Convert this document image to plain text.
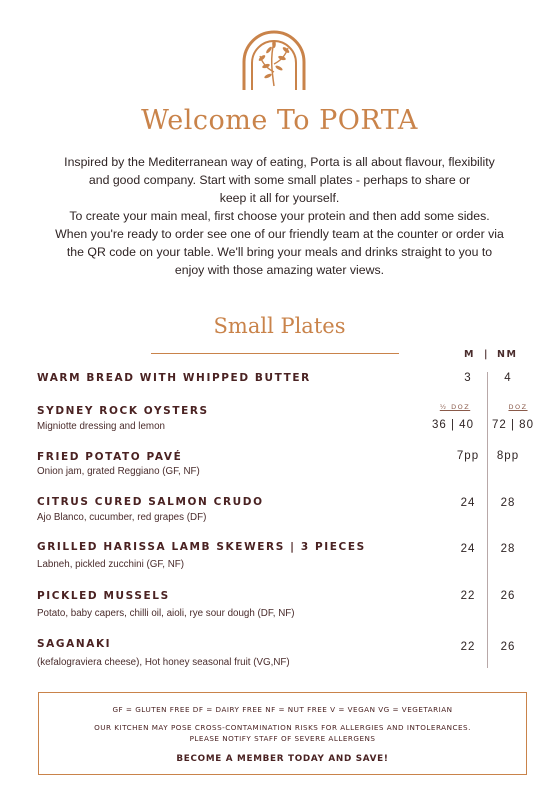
Welcome To PORTA
Inspired by the Mediterranean way of eating, Porta is all about flavour, flexibility
and good company. Start with some small plates - perhaps to share or
keep it all for yourself.
To create your main meal, first choose your protein and then add some sides.
When you're ready to order see one of our friendly team at the counter or order via
the QR code on your table. We'll bring your meals and drinks straight to you to
enjoy with those amazing water views.
Small Plates
M | NM
WARM BREAD WITH WHIPPED BUTTER	3	4
SYDNEY ROCK OYSTERS
Migniotte dressing and lemon
½ DOZ	DOZ
36 | 40	72 | 80
FRIED POTATO PAVÉ
Onion jam, grated Reggiano (GF, NF)
7pp	8pp
CITRUS CURED SALMON CRUDO
Ajo Blanco, cucumber, red grapes (DF)
24	28
GRILLED HARISSA LAMB SKEWERS | 3 PIECES
Labneh, pickled zucchini (GF, NF)
24	28
PICKLED MUSSELS
Potato, baby capers, chilli oil, aioli, rye sour dough (DF, NF)
22	26
SAGANAKI
(kefalograviera cheese), Hot honey seasonal fruit (VG,NF)
22	26
GF = GLUTEN FREE DF = DAIRY FREE NF = NUT FREE V = VEGAN VG = VEGETARIAN
OUR KITCHEN MAY POSE CROSS-CONTAMINATION RISKS FOR ALLERGIES AND INTOLERANCES.
PLEASE NOTIFY STAFF OF SEVERE ALLERGENS
BECOME A MEMBER TODAY AND SAVE!
